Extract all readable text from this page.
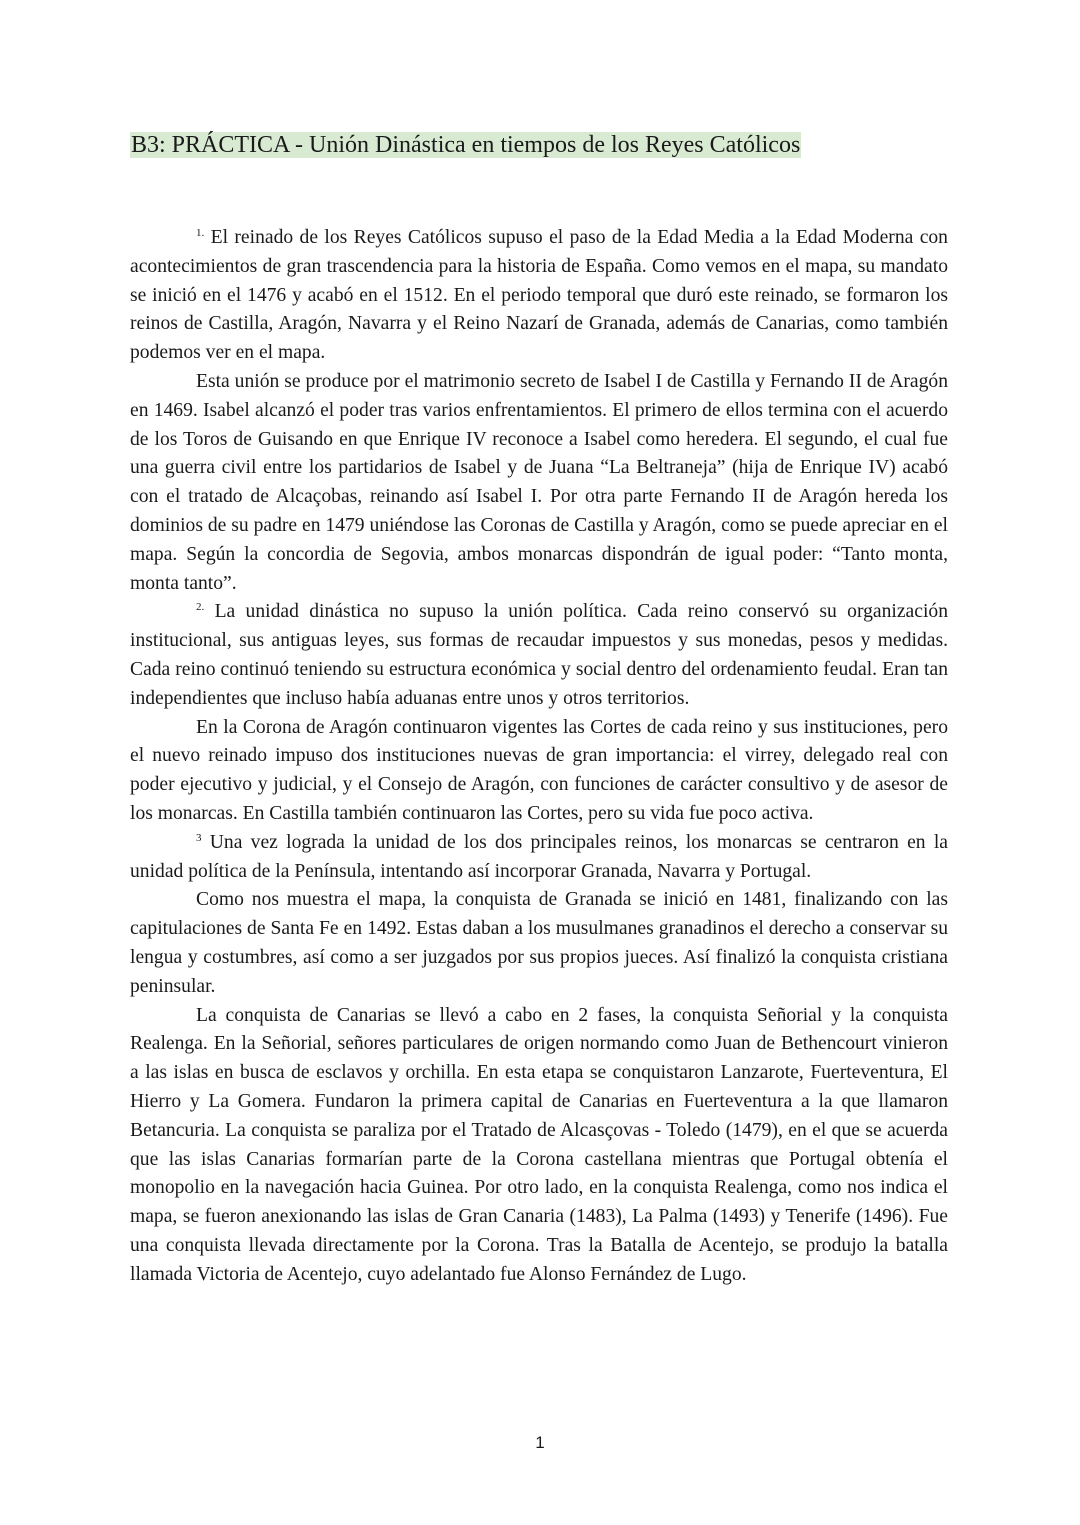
B3: PRÁCTICA - Unión Dinástica en tiempos de los Reyes Católicos

$^{1.}$ El reinado de los Reyes Católicos supuso el paso de la Edad Media a la Edad Moderna con acontecimientos de gran trascendencia para la historia de España. Como vemos en el mapa, su mandato se inició en el 1476 y acabó en el 1512. En el periodo temporal que duró este reinado, se formaron los reinos de Castilla, Aragón, Navarra y el Reino Nazarí de Granada, además de Canarias, como también podemos ver en el mapa.

Esta unión se produce por el matrimonio secreto de Isabel I de Castilla y Fernando II de Aragón en 1469. Isabel alcanzó el poder tras varios enfrentamientos. El primero de ellos termina con el acuerdo de los Toros de Guisando en que Enrique IV reconoce a Isabel como heredera. El segundo, el cual fue una guerra civil entre los partidarios de Isabel y de Juana “La Beltraneja” (hija de Enrique IV) acabó con el tratado de Alcaçobas, reinando así Isabel I. Por otra parte Fernando II de Aragón hereda los dominios de su padre en 1479 uniéndose las Coronas de Castilla y Aragón, como se puede apreciar en el mapa. Según la concordia de Segovia, ambos monarcas dispondrán de igual poder: “Tanto monta, monta tanto”.

$^{2.}$ La unidad dinástica no supuso la unión política. Cada reino conservó su organización institucional, sus antiguas leyes, sus formas de recaudar impuestos y sus monedas, pesos y medidas. Cada reino continuó teniendo su estructura económica y social dentro del ordenamiento feudal. Eran tan independientes que incluso había aduanas entre unos y otros territorios.

En la Corona de Aragón continuaron vigentes las Cortes de cada reino y sus instituciones, pero el nuevo reinado impuso dos instituciones nuevas de gran importancia: el virrey, delegado real con poder ejecutivo y judicial, y el Consejo de Aragón, con funciones de carácter consultivo y de asesor de los monarcas. En Castilla también continuaron las Cortes, pero su vida fue poco activa.

$^3$ Una vez lograda la unidad de los dos principales reinos, los monarcas se centraron en la unidad política de la Península, intentando así incorporar Granada, Navarra y Portugal.

Como nos muestra el mapa, la conquista de Granada se inició en 1481, finalizando con las capitulaciones de Santa Fe en 1492. Estas daban a los musulmanes granadinos el derecho a conservar su lengua y costumbres, así como a ser juzgados por sus propios jueces. Así finalizó la conquista cristiana peninsular.

La conquista de Canarias se llevó a cabo en 2 fases, la conquista Señorial y la conquista Realenga. En la Señorial, señores particulares de origen normando como Juan de Bethencourt vinieron a las islas en busca de esclavos y orchilla. En esta etapa se conquistaron Lanzarote, Fuerteventura, El Hierro y La Gomera. Fundaron la primera capital de Canarias en Fuerteventura a la que llamaron Betancuria. La conquista se paraliza por el Tratado de Alcasçovas - Toledo (1479), en el que se acuerda que las islas Canarias formarían parte de la Corona castellana mientras que Portugal obtenía el monopolio en la navegación hacia Guinea. Por otro lado, en la conquista Realenga, como nos indica el mapa, se fueron anexionando las islas de Gran Canaria (1483), La Palma (1493) y Tenerife (1496). Fue una conquista llevada directamente por la Corona. Tras la Batalla de Acentejo, se produjo la batalla llamada Victoria de Acentejo, cuyo adelantado fue Alonso Fernández de Lugo.

1
